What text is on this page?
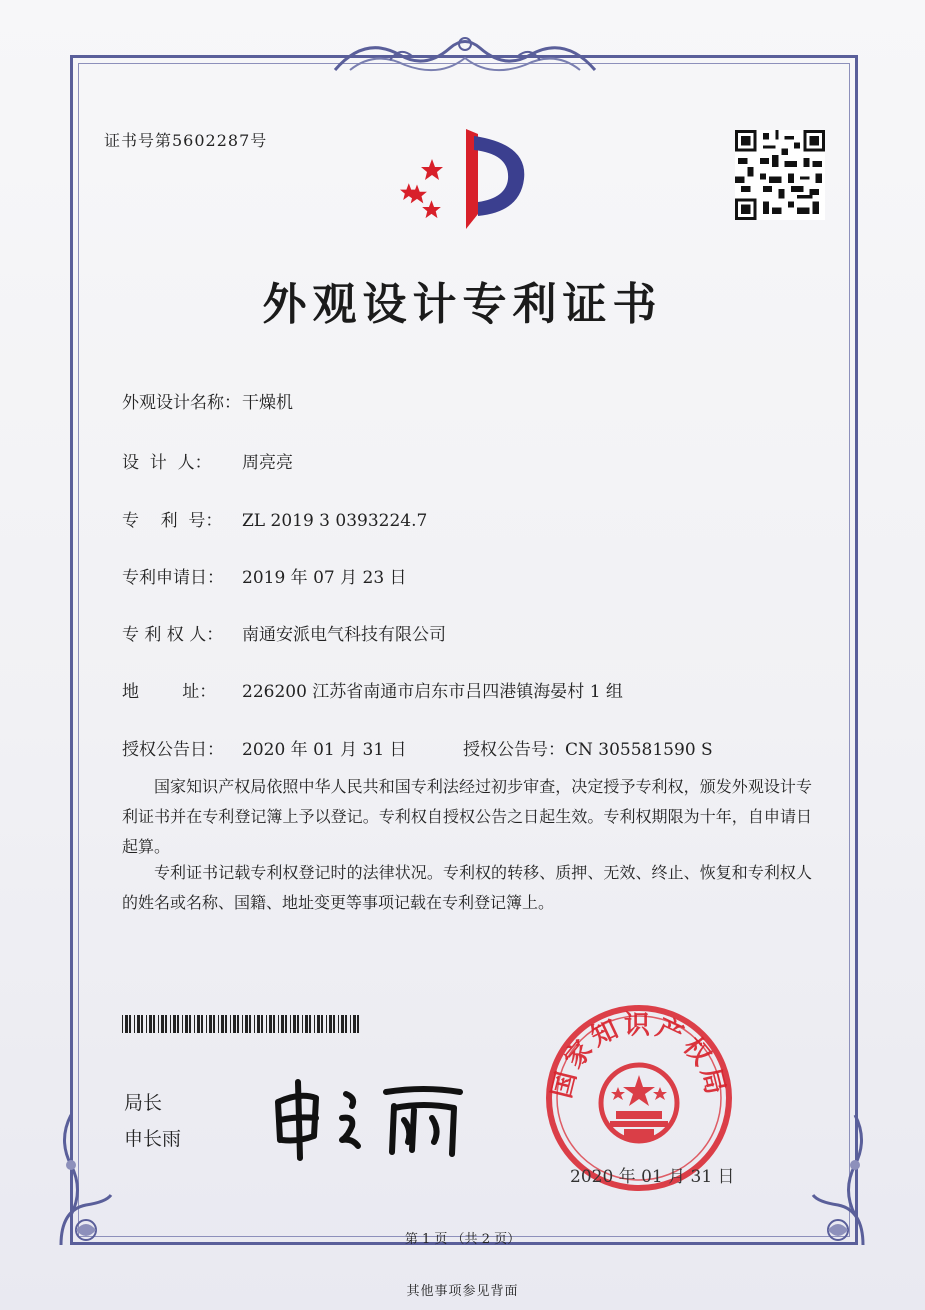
证书号第5602287号
外观设计专利证书
外观设计名称：干燥机
设  计  人： 周亮亮
专    利  号： ZL 2019 3 0393224.7
专利申请日： 2019 年 07 月 23 日
专 利 权 人： 南通安派电气科技有限公司
地        址： 226200 江苏省南通市启东市吕四港镇海晏村 1 组
授权公告日： 2020 年 01 月 31 日	授权公告号：CN 305581590 S
国家知识产权局依照中华人民共和国专利法经过初步审查，决定授予专利权，颁发外观设计专利证书并在专利登记簿上予以登记。专利权自授权公告之日起生效。专利权期限为十年，自申请日起算。
专利证书记载专利权登记时的法律状况。专利权的转移、质押、无效、终止、恢复和专利权人的姓名或名称、国籍、地址变更等事项记载在专利登记簿上。
局长
申长雨
国家知识产权局
2020 年 01 月 31 日
第 1 页 （共 2 页）
其他事项参见背面
